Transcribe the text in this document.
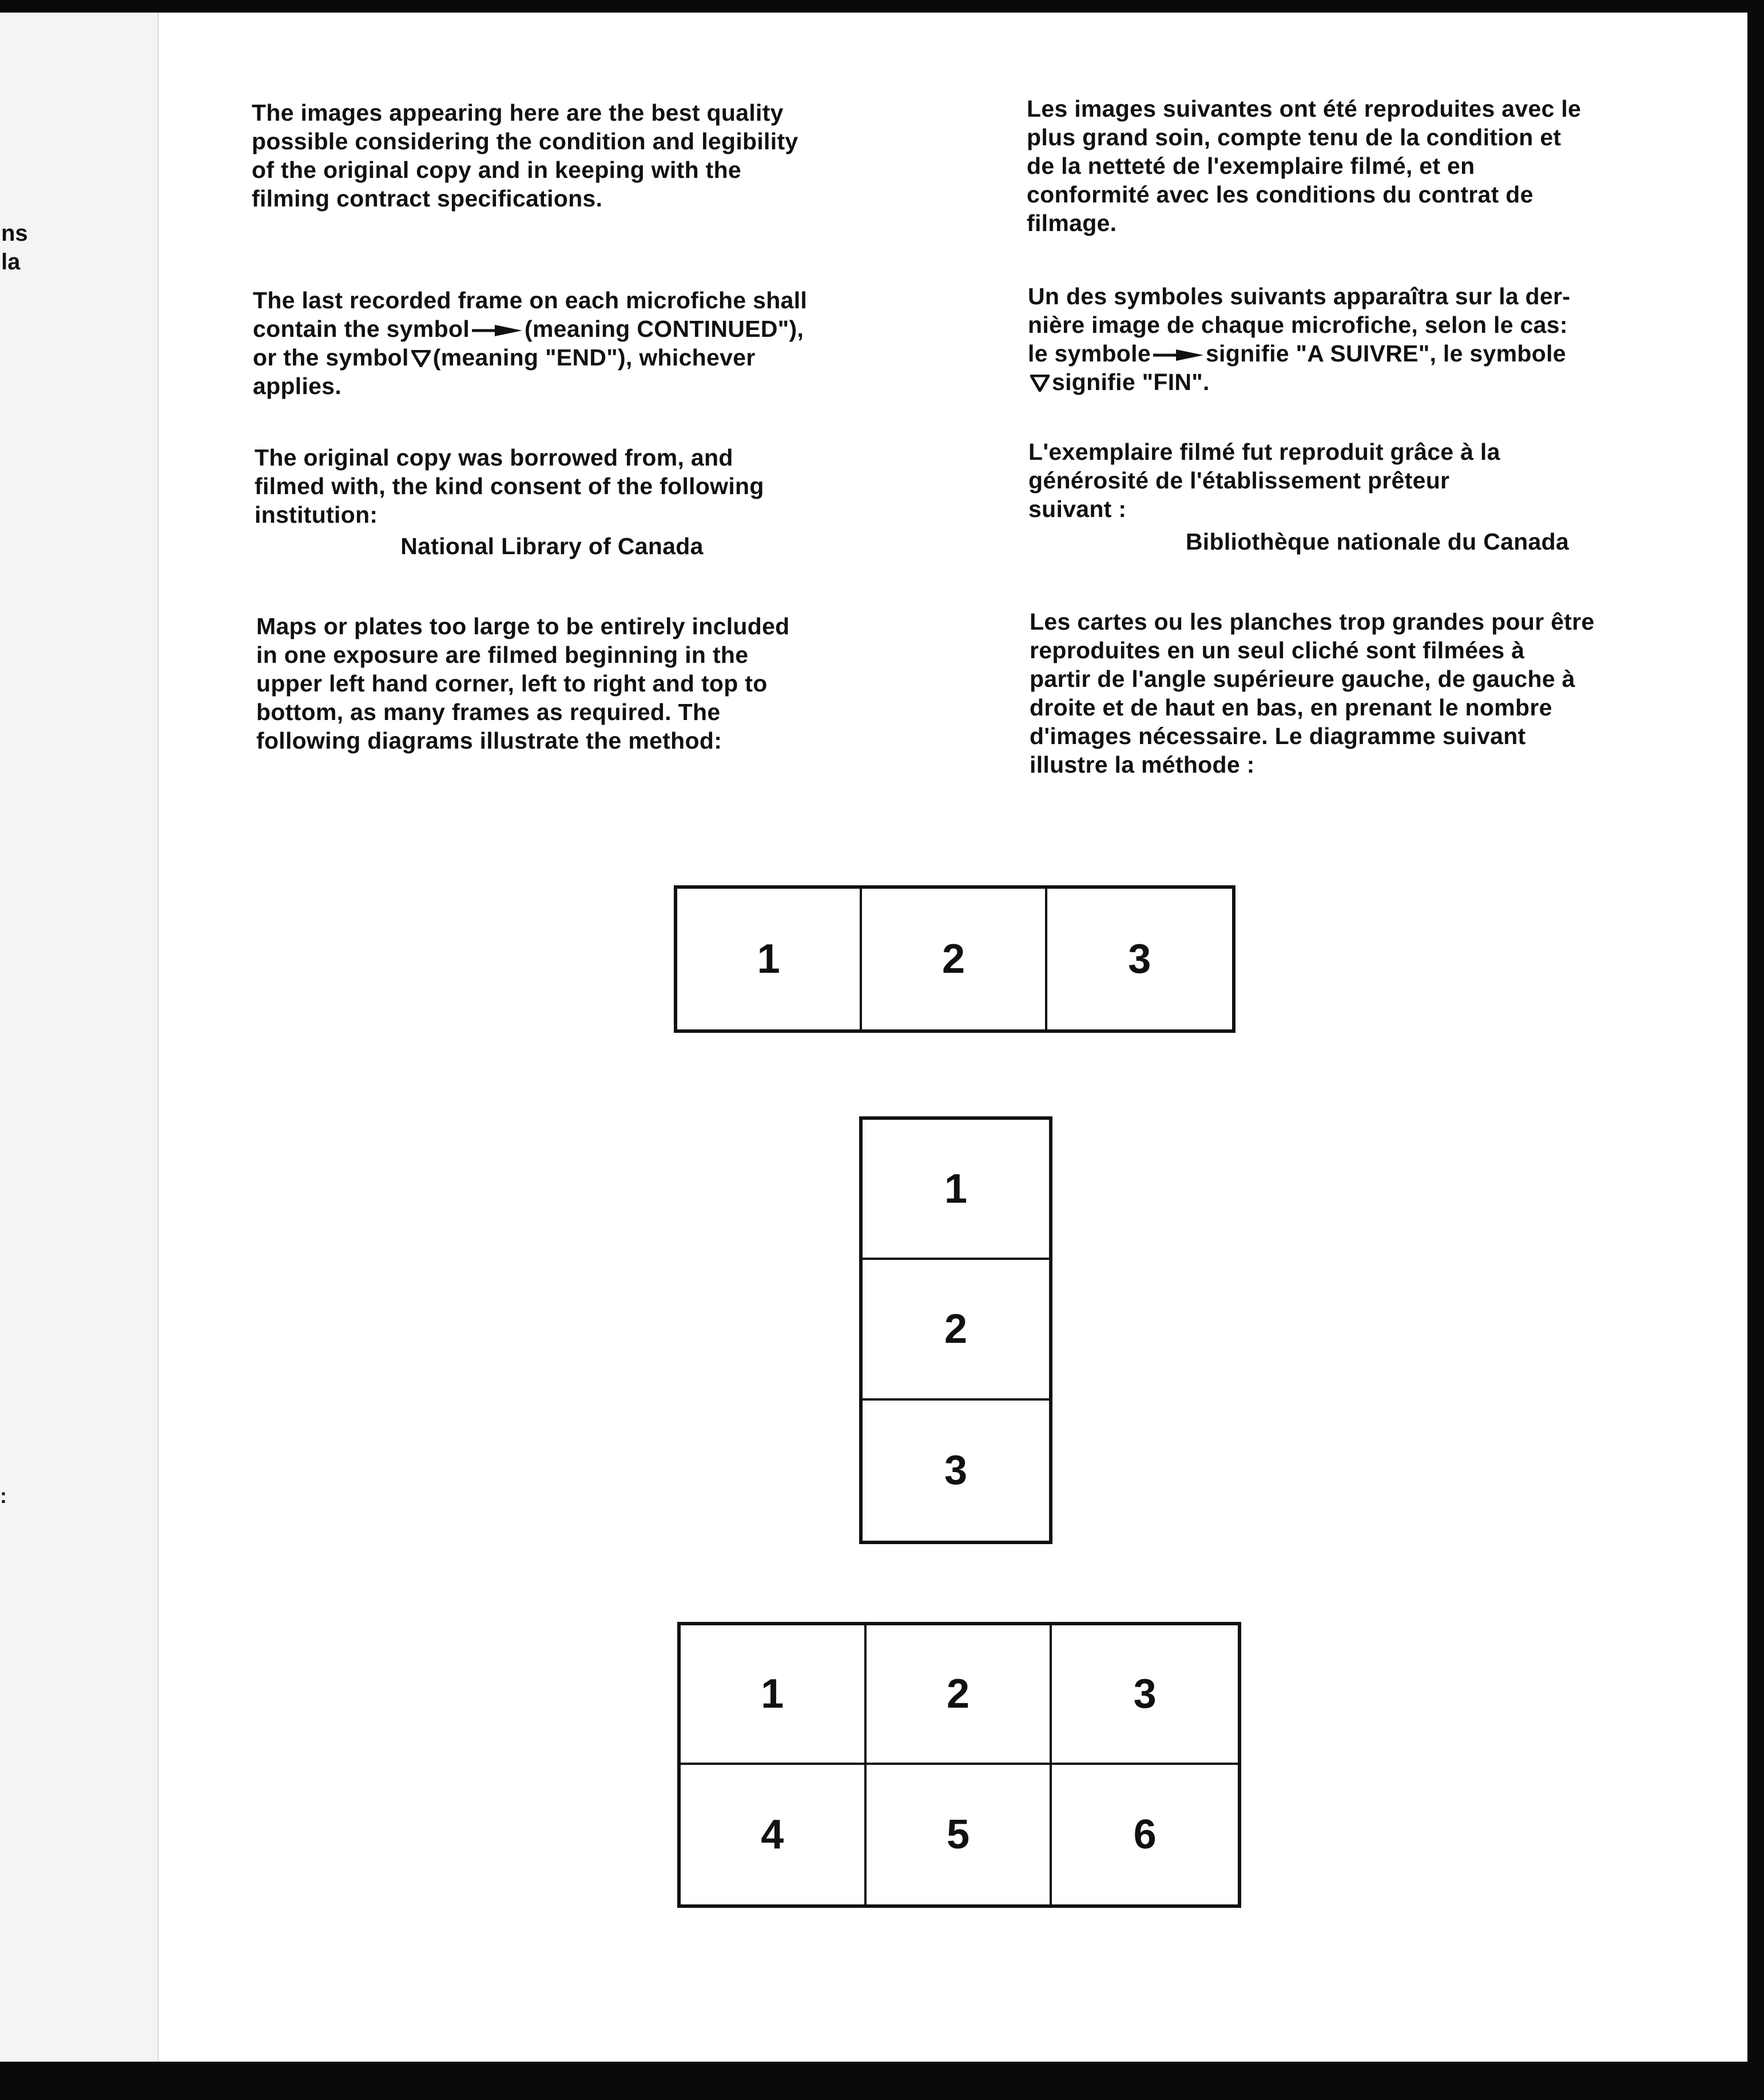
ns
la
:

The images appearing here are the best quality
possible considering the condition and legibility
of the original copy and in keeping with the
filming contract specifications.

The last recorded frame on each microfiche shall
contain the symbol (meaning CONTINUED"),
or the symbol (meaning "END"), whichever
applies.

The original copy was borrowed from, and
filmed with, the kind consent of the following
institution:

National Library of Canada

Maps or plates too large to be entirely included
in one exposure are filmed beginning in the
upper left hand corner, left to right and top to
bottom, as many frames as required. The
following diagrams illustrate the method:

Les images suivantes ont été reproduites avec le
plus grand soin, compte tenu de la condition et
de la netteté de l'exemplaire filmé, et en
conformité avec les conditions du contrat de
filmage.

Un des symboles suivants apparaîtra sur la der-
nière image de chaque microfiche, selon le cas:
le symbole signifie "A SUIVRE", le symbole
signifie "FIN".

L'exemplaire filmé fut reproduit grâce à la
générosité de l'établissement prêteur
suivant :

Bibliothèque nationale du Canada

Les cartes ou les planches trop grandes pour être
reproduites en un seul cliché sont filmées à
partir de l'angle supérieure gauche, de gauche à
droite et de haut en bas, en prenant le nombre
d'images nécessaire. Le diagramme suivant
illustre la méthode :

1	2	3
1
2
3
1	2	3
4	5	6
